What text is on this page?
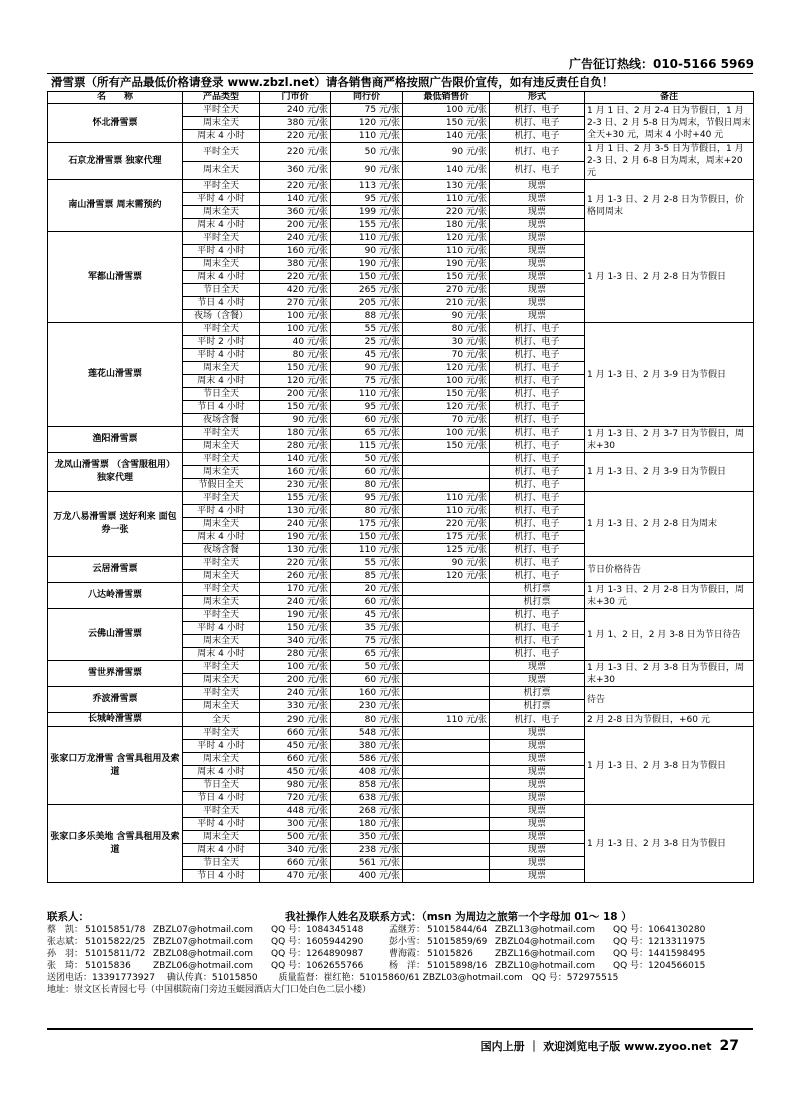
广告征订热线：010-5166 5969
滑雪票（所有产品最低价格请登录 www.zbzl.net）请各销售商严格按照广告限价宣传，如有违反责任自负！
名　　称	产品类型	门市价	同行价	最低销售价	形式	备注
怀北滑雪票	平时全天	240 元/张	75 元/张	100 元/张	机打、电子	1 月 1 日、2 月 2-4 日为节假日，1 月 2-3 日、2 月 5-8 日为周末，节假日周末全天+30 元，周末 4 小时+40 元
	周末全天	380 元/张	120 元/张	150 元/张	机打、电子	
	周末 4 小时	220 元/张	110 元/张	140 元/张	机打、电子	
石京龙滑雪票 独家代理	平时全天	220 元/张	50 元/张	90 元/张	机打、电子	1 月 1 日、2 月 3-5 日为节假日，1 月 2-3 日、2 月 6-8 日为周末，周末+20 元
	周末全天	360 元/张	90 元/张	140 元/张	机打、电子	
南山滑雪票 周末需预约	平时全天	220 元/张	113 元/张	130 元/张	现票	1 月 1-3 日、2 月 2-8 日为节假日，价格同周末
	平时 4 小时	140 元/张	95 元/张	110 元/张	现票	
	周末全天	360 元/张	199 元/张	220 元/张	现票	
	周末 4 小时	200 元/张	155 元/张	180 元/张	现票	
军都山滑雪票	平时全天	240 元/张	110 元/张	120 元/张	现票	1 月 1-3 日、2 月 2-8 日为节假日
	平时 4 小时	160 元/张	90 元/张	110 元/张	现票	
	周末全天	380 元/张	190 元/张	190 元/张	现票	
	周末 4 小时	220 元/张	150 元/张	150 元/张	现票	
	节日全天	420 元/张	265 元/张	270 元/张	现票	
	节日 4 小时	270 元/张	205 元/张	210 元/张	现票	
	夜场（含餐）	100 元/张	88 元/张	90 元/张	现票	
莲花山滑雪票	平时全天	100 元/张	55 元/张	80 元/张	机打、电子	1 月 1-3 日、2 月 3-9 日为节假日
	平时 2 小时	40 元/张	25 元/张	30 元/张	机打、电子	
	平时 4 小时	80 元/张	45 元/张	70 元/张	机打、电子	
	周末全天	150 元/张	90 元/张	120 元/张	机打、电子	
	周末 4 小时	120 元/张	75 元/张	100 元/张	机打、电子	
	节日全天	200 元/张	110 元/张	150 元/张	机打、电子	
	节日 4 小时	150 元/张	95 元/张	120 元/张	机打、电子	
	夜场含餐	90 元/张	60 元/张	70 元/张	机打、电子	
渔阳滑雪票	平时全天	180 元/张	65 元/张	100 元/张	机打、电子	1 月 1-3 日、2 月 3-7 日为节假日，周末+30
	周末全天	280 元/张	115 元/张	150 元/张	机打、电子	
龙凤山滑雪票 （含雪服租用） 独家代理	平时全天	140 元/张	50 元/张		机打、电子	1 月 1-3 日、2 月 3-9 日为节假日
	周末全天	160 元/张	60 元/张		机打、电子	
	节假日全天	230 元/张	80 元/张		机打、电子	
万龙八易滑雪票 送好利来 面包券一张	平时全天	155 元/张	95 元/张	110 元/张	机打、电子	1 月 1-3 日、2 月 2-8 日为周末
	平时 4 小时	130 元/张	80 元/张	110 元/张	机打、电子	
	周末全天	240 元/张	175 元/张	220 元/张	机打、电子	
	周末 4 小时	190 元/张	150 元/张	175 元/张	机打、电子	
	夜场含餐	130 元/张	110 元/张	125 元/张	机打、电子	
云居滑雪票	平时全天	220 元/张	55 元/张	90 元/张	机打、电子	节日价格待告
	周末全天	260 元/张	85 元/张	120 元/张	机打、电子	
八达岭滑雪票	平时全天	170 元/张	20 元/张		机打票	1 月 1-3 日、2 月 2-8 日为节假日，周末+30 元
	周末全天	240 元/张	60 元/张		机打票	
云佛山滑雪票	平时全天	190 元/张	45 元/张		机打、电子	1 月 1、2 日，2 月 3-8 日为节日待告
	平时 4 小时	150 元/张	35 元/张		机打、电子	
	周末全天	340 元/张	75 元/张		机打、电子	
	周末 4 小时	280 元/张	65 元/张		机打、电子	
雪世界滑雪票	平时全天	100 元/张	50 元/张		现票	1 月 1-3 日、2 月 3-8 日为节假日，周末+30
	周末全天	200 元/张	60 元/张		现票	
乔波滑雪票	平时全天	240 元/张	160 元/张		机打票	待告
	周末全天	330 元/张	230 元/张		机打票	
长城岭滑雪票	全天	290 元/张	80 元/张	110 元/张	机打、电子	2 月 2-8 日为节假日，+60 元
张家口万龙滑雪 含雪具租用及索道	平时全天	660 元/张	548 元/张		现票	1 月 1-3 日、2 月 3-8 日为节假日
	平时 4 小时	450 元/张	380 元/张		现票	
	周末全天	660 元/张	586 元/张		现票	
	周末 4 小时	450 元/张	408 元/张		现票	
	节日全天	980 元/张	858 元/张		现票	
	节日 4 小时	720 元/张	638 元/张		现票	
张家口多乐美地 含雪具租用及索道	平时全天	448 元/张	268 元/张		现票	1 月 1-3 日、2 月 3-8 日为节假日
	平时 4 小时	300 元/张	180 元/张		现票	
	周末全天	500 元/张	350 元/张		现票	
	周末 4 小时	340 元/张	238 元/张		现票	
	节日全天	660 元/张	561 元/张		现票	
	节日 4 小时	470 元/张	400 元/张		现票	
联系人：	我社操作人姓名及联系方式：（msn 为周边之旅第一个字母加 01～ 18 ）
蔡　凯： 51015851/78 ZBZL07@hotmail.com	QQ 号：1084345148	孟继芳： 51015844/64 ZBZL13@hotmail.com	QQ 号：1064130280
张志斌： 51015822/25 ZBZL07@hotmail.com	QQ 号：1605944290	彭小雪： 51015859/69 ZBZL04@hotmail.com	QQ 号：1213311975
孙　羽： 51015811/72 ZBZL08@hotmail.com	QQ 号：1264890987	曹海霞： 51015826	ZBZL16@hotmail.com	QQ 号：1441598495
张　琦： 51015836	ZBZL06@hotmail.com	QQ 号：1062655766	杨　洋： 51015898/16 ZBZL10@hotmail.com	QQ 号：1204566015
送团电话：13391773927　 确认传真：51015850　　 质量监督：崔红艳：51015860/61 ZBZL03@hotmail.com　QQ 号：572975515
地址：崇文区长青园七号（中国棋院南门旁边玉蜓园酒店大门口处白色二层小楼）
国内上册 ｜ 欢迎浏览电子版 www.zyoo.net 27
